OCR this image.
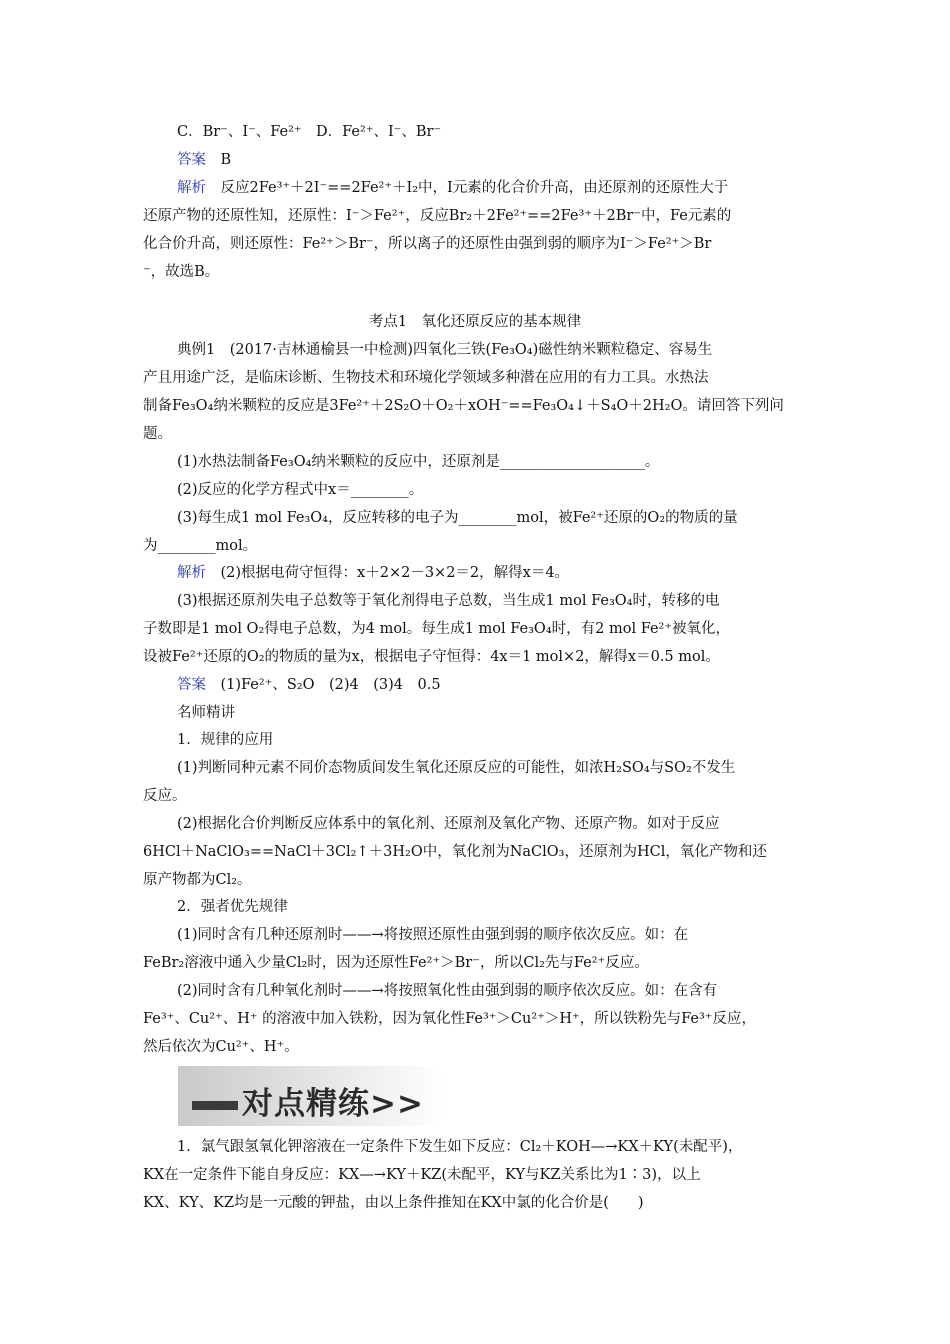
C．Br⁻、I⁻、Fe²⁺　D．Fe²⁺、I⁻、Br⁻
答案　B
解析　反应2Fe³⁺＋2I⁻==2Fe²⁺＋I₂中，I元素的化合价升高，由还原剂的还原性大于
还原产物的还原性知，还原性：I⁻＞Fe²⁺，反应Br₂＋2Fe²⁺==2Fe³⁺＋2Br⁻中，Fe元素的
化合价升高，则还原性：Fe²⁺＞Br⁻，所以离子的还原性由强到弱的顺序为I⁻＞Fe²⁺＞Br
⁻，故选B。
考点1　氧化还原反应的基本规律
典例1　(2017·吉林通榆县一中检测)四氧化三铁(Fe₃O₄)磁性纳米颗粒稳定、容易生
产且用途广泛，是临床诊断、生物技术和环境化学领域多种潜在应用的有力工具。水热法
制备Fe₃O₄纳米颗粒的反应是3Fe²⁺＋2S₂O＋O₂＋xOH⁻==Fe₃O₄↓＋S₄O＋2H₂O。请回答下列问
题。
(1)水热法制备Fe₃O₄纳米颗粒的反应中，还原剂是____________________。
(2)反应的化学方程式中x＝________。
(3)每生成1 mol Fe₃O₄，反应转移的电子为________mol，被Fe²⁺还原的O₂的物质的量
为________mol。
解析　(2)根据电荷守恒得：x＋2×2－3×2＝2，解得x＝4。
(3)根据还原剂失电子总数等于氧化剂得电子总数，当生成1 mol Fe₃O₄时，转移的电
子数即是1 mol O₂得电子总数，为4 mol。每生成1 mol Fe₃O₄时，有2 mol Fe²⁺被氧化，
设被Fe²⁺还原的O₂的物质的量为x，根据电子守恒得：4x＝1 mol×2，解得x＝0.5 mol。
答案　(1)Fe²⁺、S₂O　(2)4　(3)4　0.5
名师精讲
1．规律的应用
(1)判断同种元素不同价态物质间发生氧化还原反应的可能性，如浓H₂SO₄与SO₂不发生
反应。
(2)根据化合价判断反应体系中的氧化剂、还原剂及氧化产物、还原产物。如对于反应
6HCl＋NaClO₃==NaCl＋3Cl₂↑＋3H₂O中，氧化剂为NaClO₃，还原剂为HCl，氧化产物和还
原产物都为Cl₂。
2．强者优先规律
(1)同时含有几种还原剂时——→将按照还原性由强到弱的顺序依次反应。如：在
FeBr₂溶液中通入少量Cl₂时，因为还原性Fe²⁺＞Br⁻，所以Cl₂先与Fe²⁺反应。
(2)同时含有几种氧化剂时——→将按照氧化性由强到弱的顺序依次反应。如：在含有
Fe³⁺、Cu²⁺、H⁺ 的溶液中加入铁粉，因为氧化性Fe³⁺＞Cu²⁺＞H⁺，所以铁粉先与Fe³⁺反应，
然后依次为Cu²⁺、H⁺。
对点精练>>
1．氯气跟氢氧化钾溶液在一定条件下发生如下反应：Cl₂＋KOH—→KX＋KY(未配平)，
KX在一定条件下能自身反应：KX—→KY＋KZ(未配平，KY与KZ关系比为1∶3)，以上
KX、KY、KZ均是一元酸的钾盐，由以上条件推知在KX中氯的化合价是(　　)
